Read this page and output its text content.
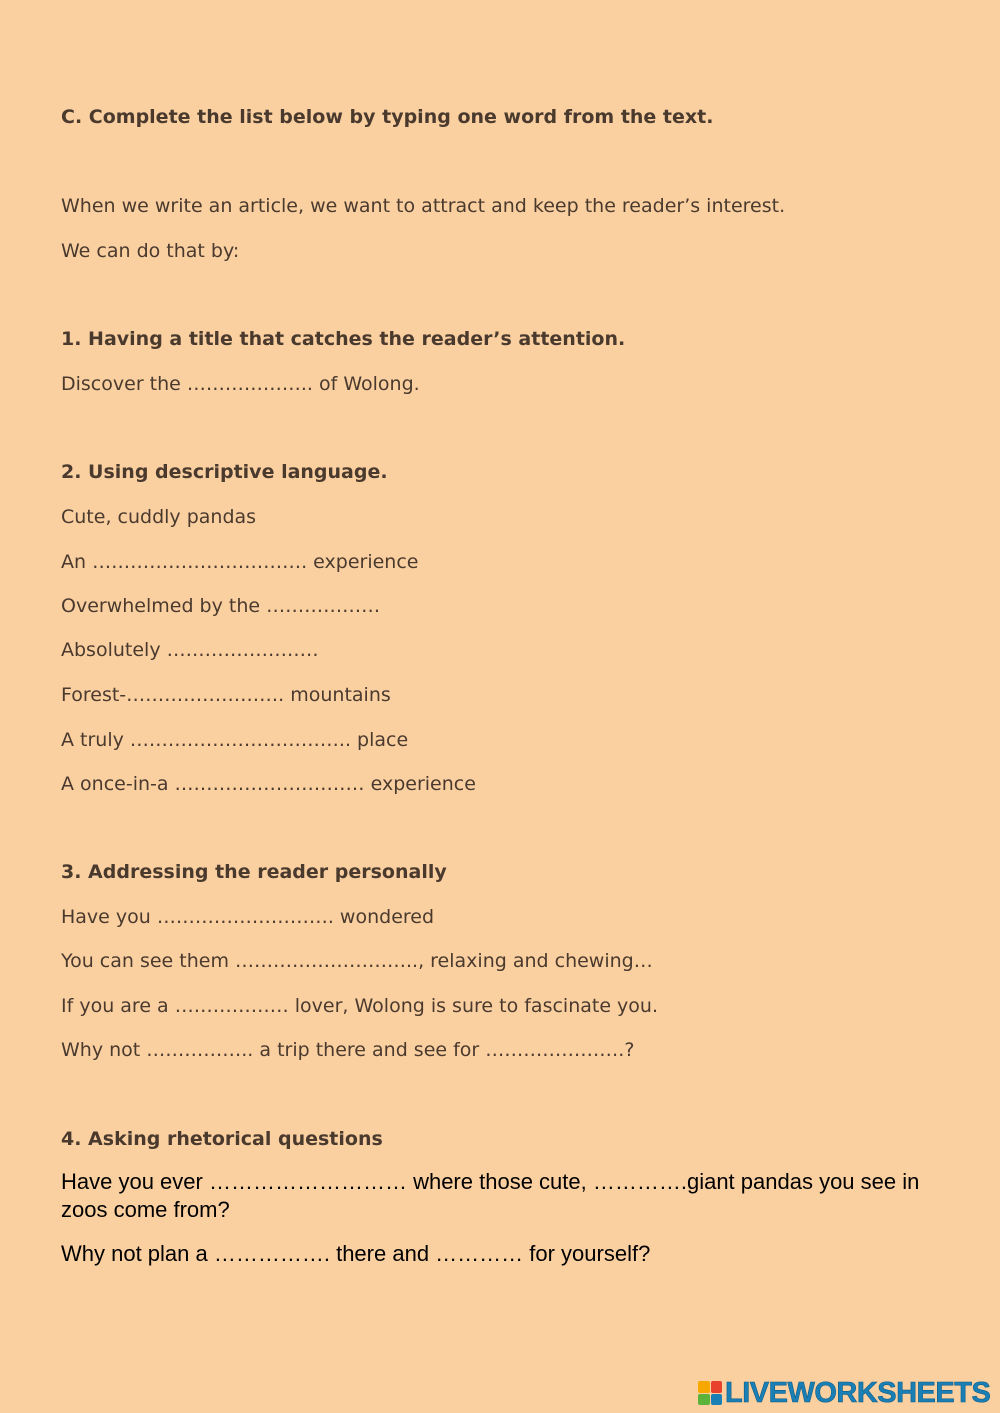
C. Complete the list below by typing one word from the text.
When we write an article, we want to attract and keep the reader’s interest.
We can do that by:
1. Having a title that catches the reader’s attention.
Discover the ……………….. of Wolong.
2. Using descriptive language.
Cute, cuddly pandas
An ……………………………. experience
Overwhelmed by the ………………
Absolutely ……………………
Forest-……………………. mountains
A truly …………………………….. place
A once-in-a ………………………… experience
3. Addressing the reader personally
Have you ………………………. wondered
You can see them ……………………….., relaxing and chewing…
If you are a ……………… lover, Wolong is sure to fascinate you.
Why not …………….. a trip there and see for ………………….?
4. Asking rhetorical questions
Have you ever ……………………… where those cute, ………….giant pandas you see in zoos come from?
Why not plan a ……………. there and ………… for yourself?
LIVEWORKSHEETS
